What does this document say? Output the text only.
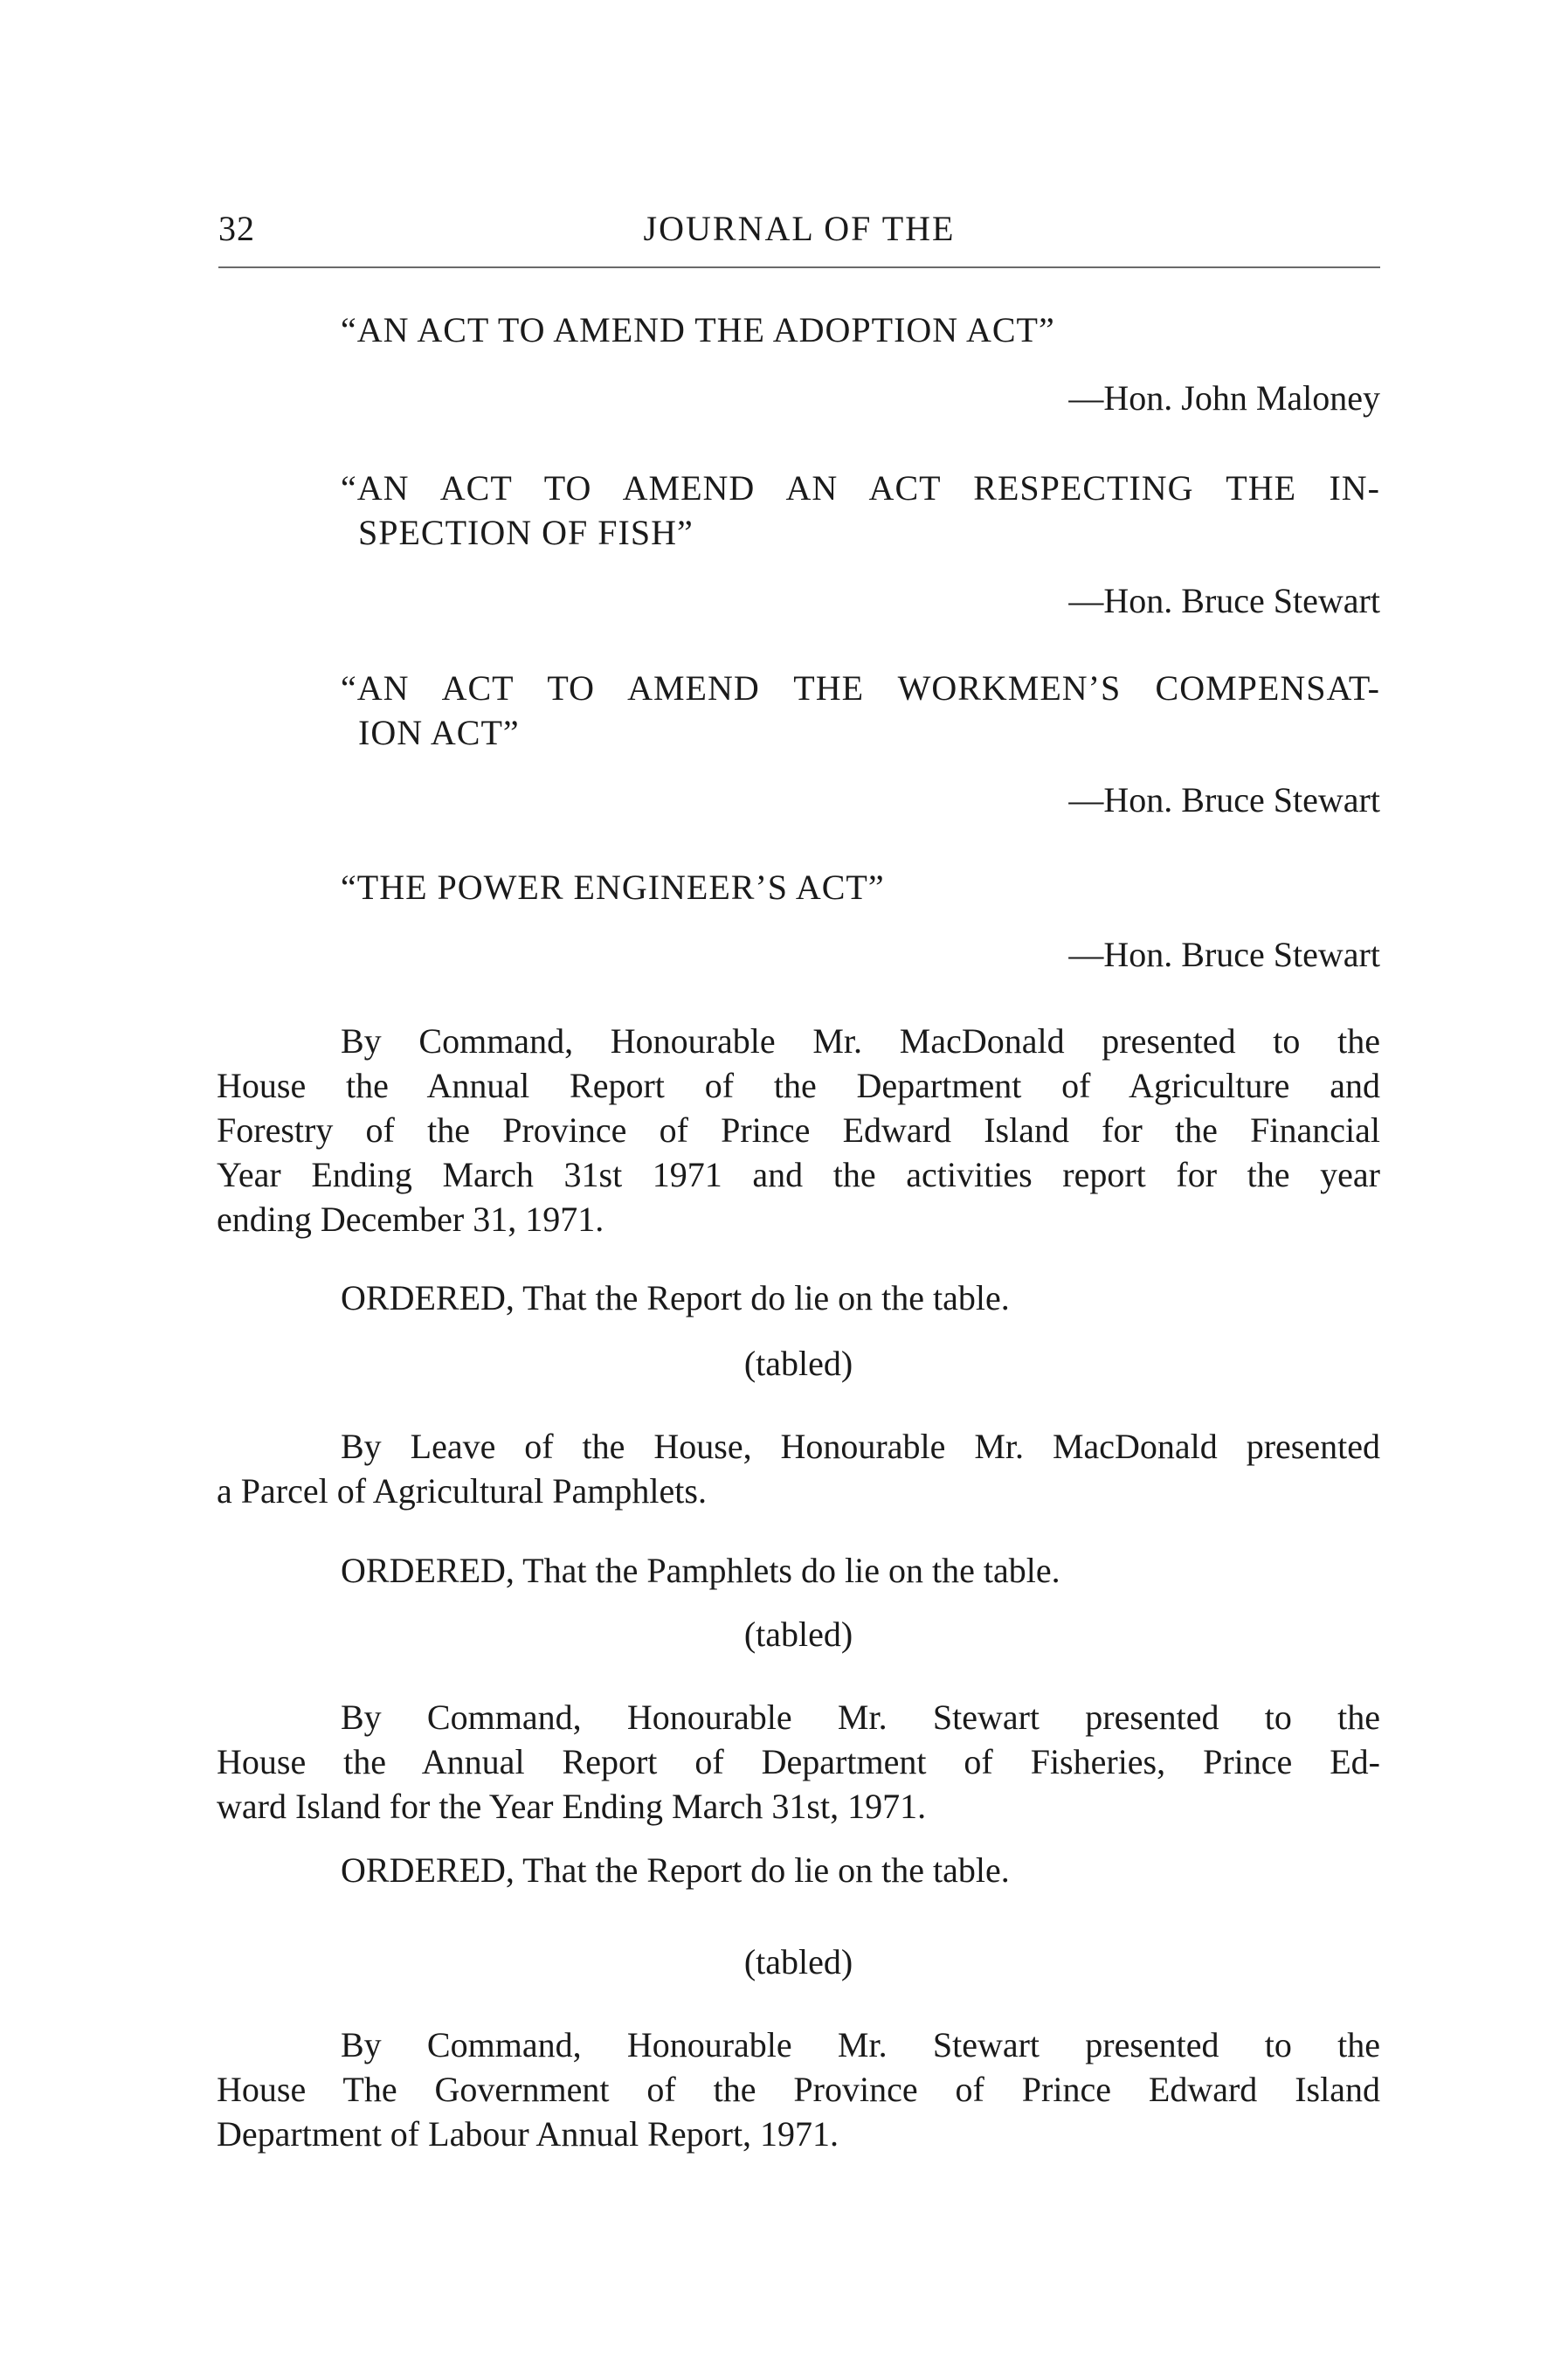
32	JOURNAL OF THE
“AN ACT TO AMEND THE ADOPTION ACT”
—Hon. John Maloney
“AN ACT TO AMEND AN ACT RESPECTING THE IN-
SPECTION OF FISH”
—Hon. Bruce Stewart
“AN ACT TO AMEND THE WORKMEN’S COMPENSAT-
ION ACT”
—Hon. Bruce Stewart
“THE POWER ENGINEER’S ACT”
—Hon. Bruce Stewart
By Command, Honourable Mr. MacDonald presented to the
House the Annual Report of the Department of Agriculture and
Forestry of the Province of Prince Edward Island for the Financial
Year Ending March 31st 1971 and the activities report for the year
ending December 31, 1971.
ORDERED, That the Report do lie on the table.
(tabled)
By Leave of the House, Honourable Mr. MacDonald presented
a Parcel of Agricultural Pamphlets.
ORDERED, That the Pamphlets do lie on the table.
(tabled)
By Command, Honourable Mr. Stewart presented to the
House the Annual Report of Department of Fisheries, Prince Ed-
ward Island for the Year Ending March 31st, 1971.
ORDERED, That the Report do lie on the table.
(tabled)
By Command, Honourable Mr. Stewart presented to the
House The Government of the Province of Prince Edward Island
Department of Labour Annual Report, 1971.
